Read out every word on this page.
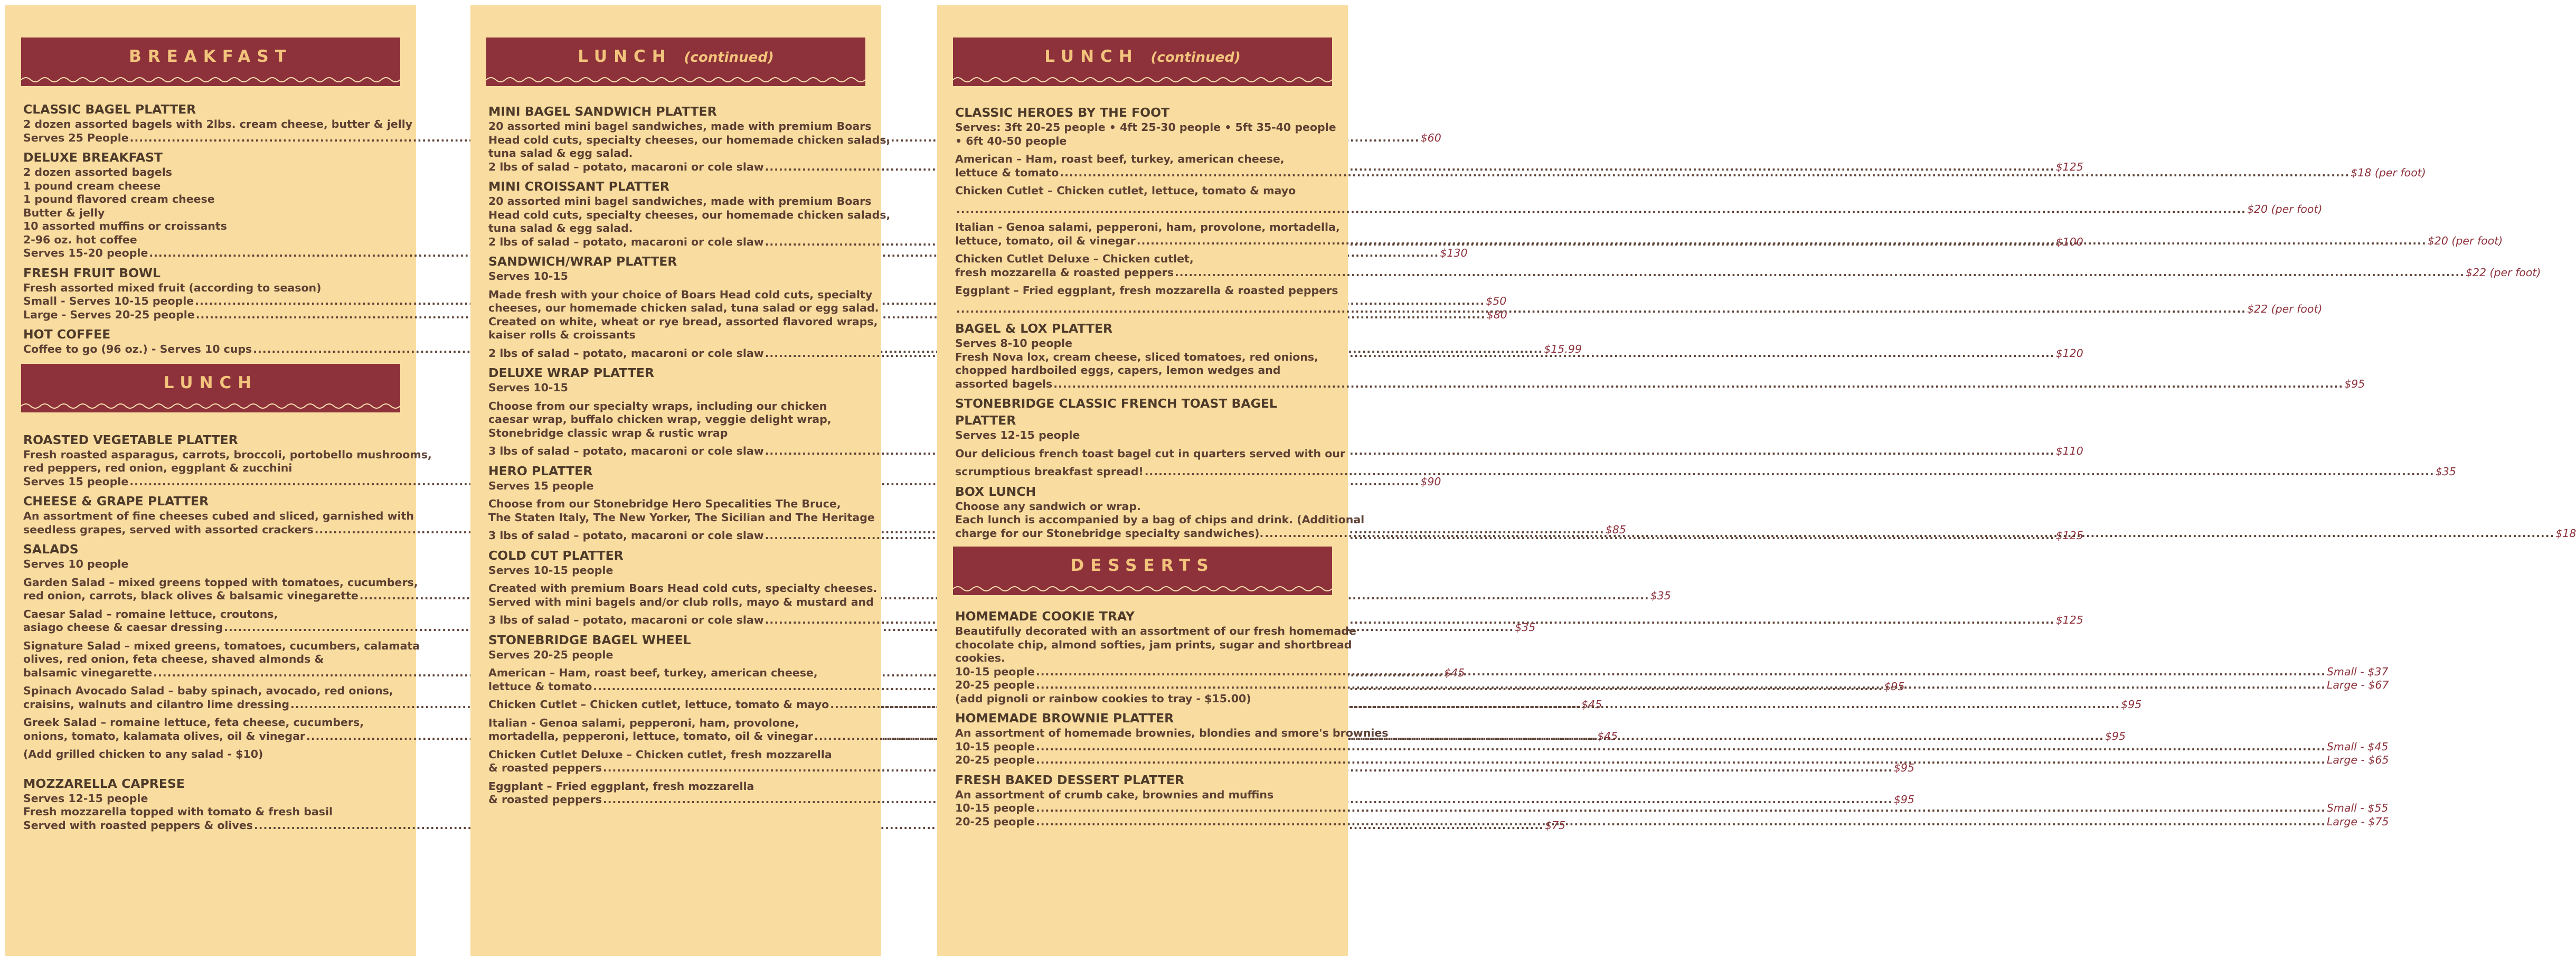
BREAKFAST
CLASSIC BAGEL PLATTER
2 dozen assorted bagels with 2lbs. cream cheese, butter & jelly
Serves 25 People .....	$60
DELUXE BREAKFAST
2 dozen assorted bagels
1 pound cream cheese
1 pound flavored cream cheese
Butter & jelly
10 assorted muffins or croissants
2-96 oz. hot coffee
Serves 15-20 people .....	$130
FRESH FRUIT BOWL
Fresh assorted mixed fruit (according to season)
Small - Serves 10-15 people .....	$50
Large - Serves 20-25 people .....	$80
HOT COFFEE
Coffee to go (96 oz.) - Serves 10 cups .....	$15.99
LUNCH
ROASTED VEGETABLE PLATTER
Fresh roasted asparagus, carrots, broccoli, portobello mushrooms,
red peppers, red onion, eggplant & zucchini
Serves 15 people .....	$90
CHEESE & GRAPE PLATTER
An assortment of fine cheeses cubed and sliced, garnished with
seedless grapes, served with assorted crackers .....	$85
SALADS
Serves 10 people
Garden Salad – mixed greens topped with tomatoes, cucumbers,
red onion, carrots, black olives & balsamic vinegarette .....	$35
Caesar Salad – romaine lettuce, croutons,
asiago cheese & caesar dressing .....	$35
Signature Salad – mixed greens, tomatoes, cucumbers, calamata
olives, red onion, feta cheese, shaved almonds &
balsamic vinegarette .....	$45
Spinach Avocado Salad – baby spinach, avocado, red onions,
craisins, walnuts and cilantro lime dressing .....	$45
Greek Salad – romaine lettuce, feta cheese, cucumbers,
onions, tomato, kalamata olives, oil & vinegar .....	$45
(Add grilled chicken to any salad - $10)
MOZZARELLA CAPRESE
Serves 12-15 people
Fresh mozzarella topped with tomato & fresh basil
Served with roasted peppers & olives .....	$75
LUNCH (continued)
MINI BAGEL SANDWICH PLATTER
20 assorted mini bagel sandwiches, made with premium Boars
Head cold cuts, specialty cheeses, our homemade chicken salads,
tuna salad & egg salad.
2 lbs of salad – potato, macaroni or cole slaw .....	$125
MINI CROISSANT PLATTER
20 assorted mini bagel sandwiches, made with premium Boars
Head cold cuts, specialty cheeses, our homemade chicken salads,
tuna salad & egg salad.
2 lbs of salad – potato, macaroni or cole slaw .....	$100
SANDWICH/WRAP PLATTER
Serves 10-15
Made fresh with your choice of Boars Head cold cuts, specialty
cheeses, our homemade chicken salad, tuna salad or egg salad.
Created on white, wheat or rye bread, assorted flavored wraps,
kaiser rolls & croissants
2 lbs of salad – potato, macaroni or cole slaw .....	$120
DELUXE WRAP PLATTER
Serves 10-15
Choose from our specialty wraps, including our chicken
caesar wrap, buffalo chicken wrap, veggie delight wrap,
Stonebridge classic wrap & rustic wrap
3 lbs of salad – potato, macaroni or cole slaw .....	$110
HERO PLATTER
Serves 15 people
Choose from our Stonebridge Hero Specalities The Bruce,
The Staten Italy, The New Yorker, The Sicilian and The Heritage
3 lbs of salad – potato, macaroni or cole slaw .....	$125
COLD CUT PLATTER
Serves 10-15 people
Created with premium Boars Head cold cuts, specialty cheeses.
Served with mini bagels and/or club rolls, mayo & mustard and
3 lbs of salad – potato, macaroni or cole slaw .....	$125
STONEBRIDGE BAGEL WHEEL
Serves 20-25 people
American – Ham, roast beef, turkey, american cheese,
lettuce & tomato .....	$95
Chicken Cutlet – Chicken cutlet, lettuce, tomato & mayo .....	$95
Italian - Genoa salami, pepperoni, ham, provolone,
mortadella, pepperoni, lettuce, tomato, oil & vinegar .....	$95
Chicken Cutlet Deluxe – Chicken cutlet, fresh mozzarella
& roasted peppers .....	$95
Eggplant – Fried eggplant, fresh mozzarella
& roasted peppers .....	$95
LUNCH (continued)
CLASSIC HEROES BY THE FOOT
Serves: 3ft 20-25 people • 4ft 25-30 people • 5ft 35-40 people
• 6ft 40-50 people
American – Ham, roast beef, turkey, american cheese,
lettuce & tomato .....	$18 (per foot)
Chicken Cutlet – Chicken cutlet, lettuce, tomato & mayo
.....
$20 (per foot)
Italian - Genoa salami, pepperoni, ham, provolone, mortadella,
lettuce, tomato, oil & vinegar .....	$20 (per foot)
Chicken Cutlet Deluxe – Chicken cutlet,
fresh mozzarella & roasted peppers .....	$22 (per foot)
Eggplant – Fried eggplant, fresh mozzarella & roasted peppers
.....
$22 (per foot)
BAGEL & LOX PLATTER
Serves 8-10 people
Fresh Nova lox, cream cheese, sliced tomatoes, red onions,
chopped hardboiled eggs, capers, lemon wedges and
assorted bagels .....	$95
STONEBRIDGE CLASSIC FRENCH TOAST BAGEL PLATTER
Serves 12-15 people
Our delicious french toast bagel cut in quarters served with our
scrumptious breakfast spread! .....	$35
BOX LUNCH
Choose any sandwich or wrap.
Each lunch is accompanied by a bag of chips and drink. (Additional
charge for our Stonebridge specialty sandwiches). .....	$18
DESSERTS
HOMEMADE COOKIE TRAY
Beautifully decorated with an assortment of our fresh homemade
chocolate chip, almond softies, jam prints, sugar and shortbread
cookies.
10-15 people .....	Small - $37
20-25 people .....	Large - $67
(add pignoli or rainbow cookies to tray - $15.00)
HOMEMADE BROWNIE PLATTER
An assortment of homemade brownies, blondies and smore's brownies
10-15 people .....	Small - $45
20-25 people .....	Large - $65
FRESH BAKED DESSERT PLATTER
An assortment of crumb cake, brownies and muffins
10-15 people .....	Small - $55
20-25 people .....	Large - $75
